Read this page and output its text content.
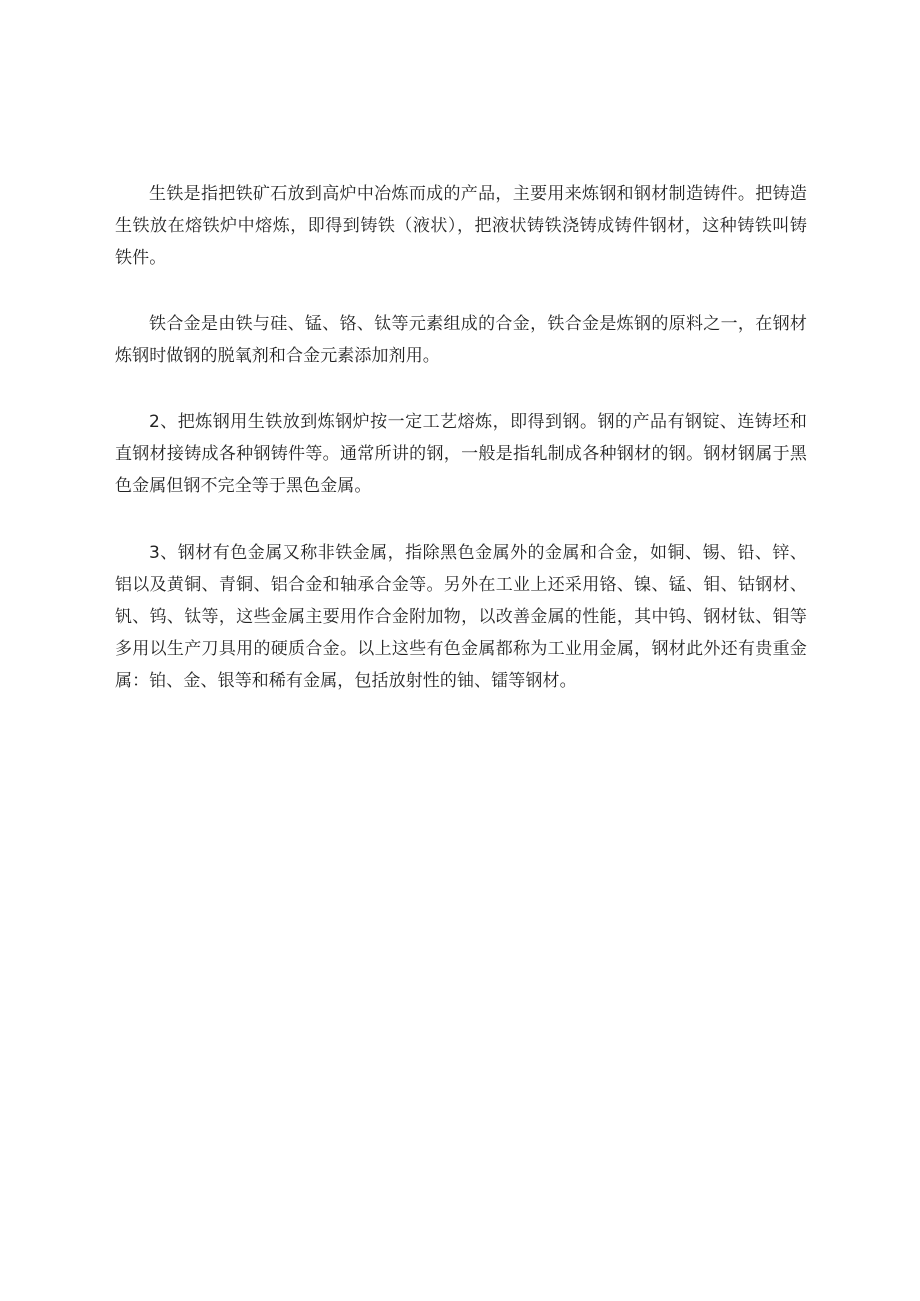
生铁是指把铁矿石放到高炉中冶炼而成的产品，主要用来炼钢和钢材制造铸件。把铸造生铁放在熔铁炉中熔炼，即得到铸铁（液状），把液状铸铁浇铸成铸件钢材，这种铸铁叫铸铁件。

铁合金是由铁与硅、锰、铬、钛等元素组成的合金，铁合金是炼钢的原料之一，在钢材炼钢时做钢的脱氧剂和合金元素添加剂用。

2、把炼钢用生铁放到炼钢炉按一定工艺熔炼，即得到钢。钢的产品有钢锭、连铸坯和直钢材接铸成各种钢铸件等。通常所讲的钢，一般是指轧制成各种钢材的钢。钢材钢属于黑色金属但钢不完全等于黑色金属。

3、钢材有色金属又称非铁金属，指除黑色金属外的金属和合金，如铜、锡、铅、锌、铝以及黄铜、青铜、铝合金和轴承合金等。另外在工业上还采用铬、镍、锰、钼、钴钢材、钒、钨、钛等，这些金属主要用作合金附加物，以改善金属的性能，其中钨、钢材钛、钼等多用以生产刀具用的硬质合金。以上这些有色金属都称为工业用金属，钢材此外还有贵重金属：铂、金、银等和稀有金属，包括放射性的铀、镭等钢材。
